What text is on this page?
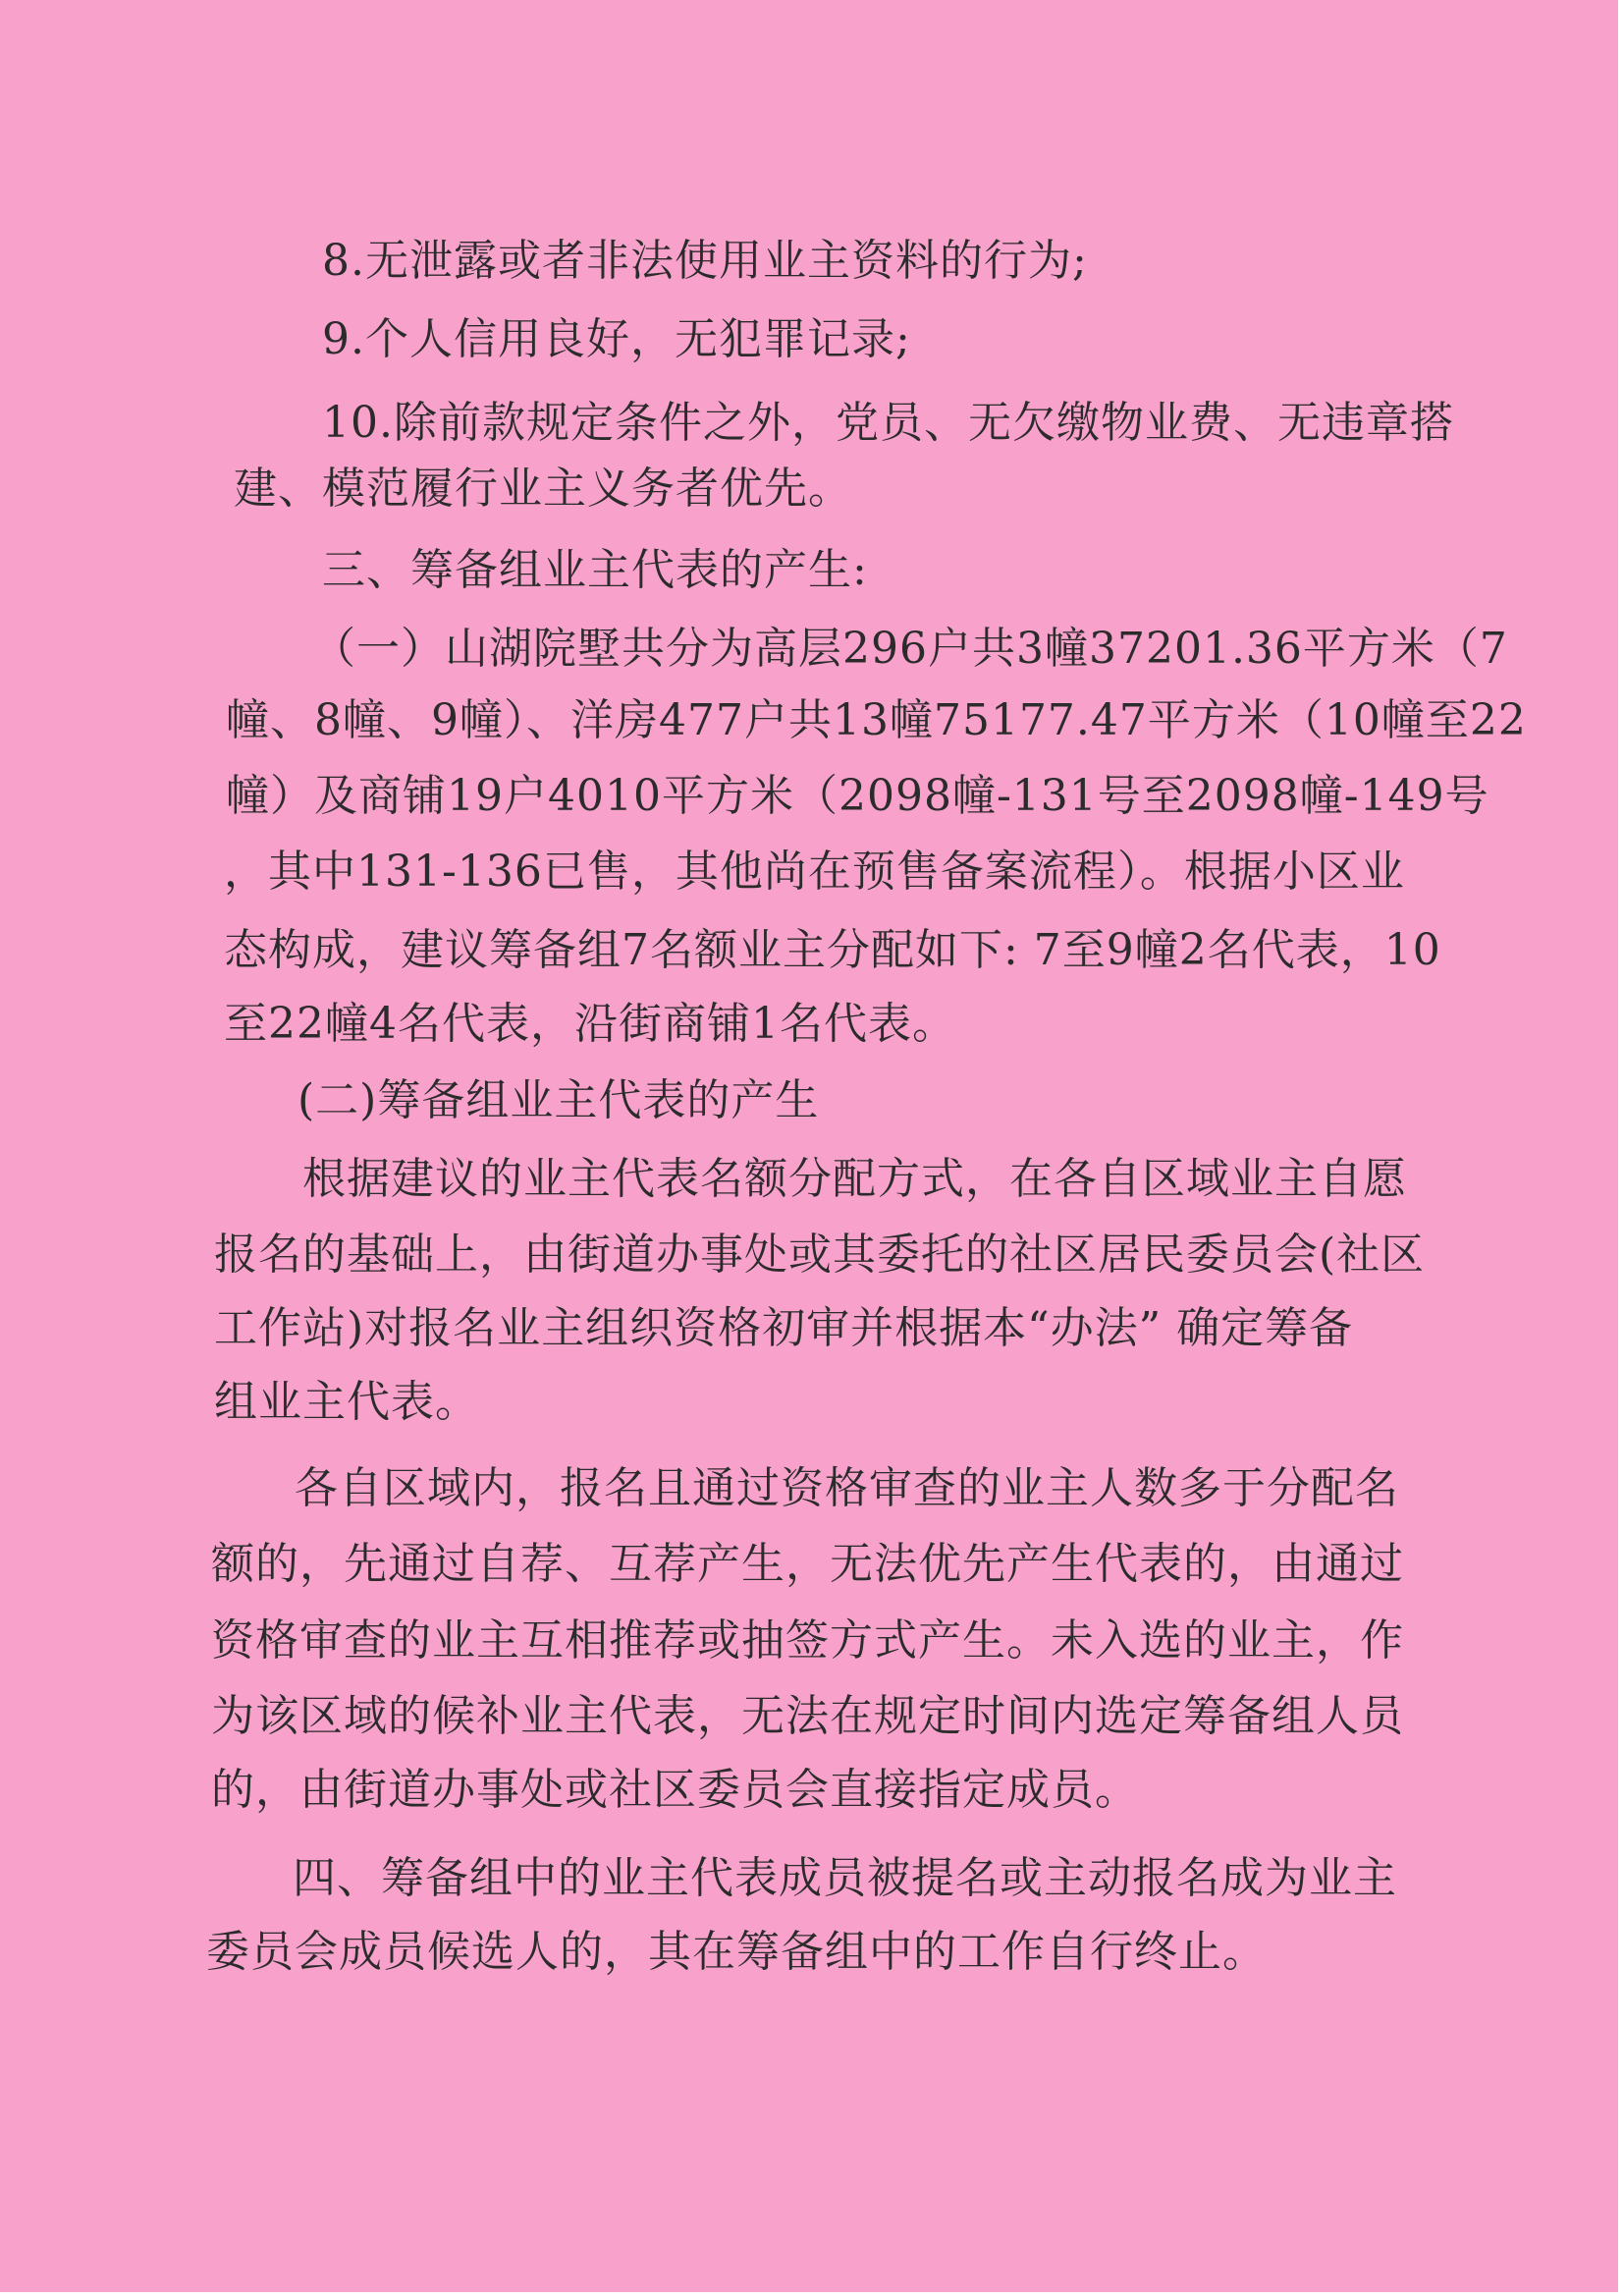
8.无泄露或者非法使用业主资料的行为;
9.个人信用良好，无犯罪记录;
10.除前款规定条件之外，党员、无欠缴物业费、无违章搭
建、模范履行业主义务者优先。
三、筹备组业主代表的产生:
（一）山湖院墅共分为高层296户共3幢37201.36平方米（7
幢、8幢、9幢）、洋房477户共13幢75177.47平方米（10幢至22
幢）及商铺19户4010平方米（2098幢-131号至2098幢-149号
，其中131-136已售，其他尚在预售备案流程）。根据小区业
态构成，建议筹备组7名额业主分配如下: 7至9幢2名代表，10
至22幢4名代表，沿街商铺1名代表。
(二)筹备组业主代表的产生
根据建议的业主代表名额分配方式，在各自区域业主自愿
报名的基础上，由街道办事处或其委托的社区居民委员会(社区
工作站)对报名业主组织资格初审并根据本“办法” 确定筹备
组业主代表。
各自区域内，报名且通过资格审查的业主人数多于分配名
额的，先通过自荐、互荐产生，无法优先产生代表的，由通过
资格审查的业主互相推荐或抽签方式产生。未入选的业主，作
为该区域的候补业主代表，无法在规定时间内选定筹备组人员
的，由街道办事处或社区委员会直接指定成员。
四、筹备组中的业主代表成员被提名或主动报名成为业主
委员会成员候选人的，其在筹备组中的工作自行终止。
